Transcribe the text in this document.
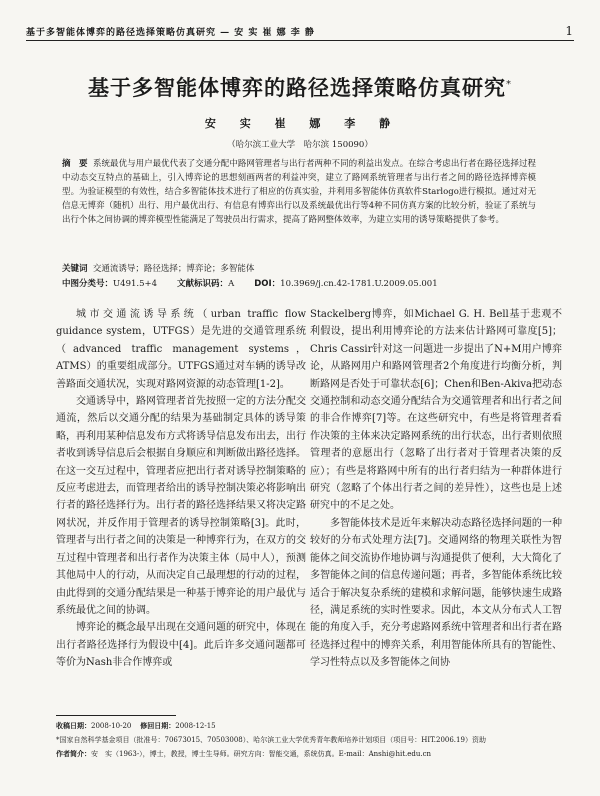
基于多智能体博弈的路径选择策略仿真研究 — 安 实 崔 娜 李 静	1
基于多智能体博弈的路径选择策略仿真研究*
安 实 崔 娜 李 静
（哈尔滨工业大学　哈尔滨 150090）
摘　要 系统最优与用户最优代表了交通分配中路网管理者与出行者两种不同的利益出发点。在综合考虑出行者在路径选择过程中动态交互特点的基础上，引入博弈论的思想刻画两者的利益冲突，建立了路网系统管理者与出行者之间的路径选择博弈模型。为验证模型的有效性，结合多智能体技术进行了相应的仿真实验，并利用多智能体仿真软件Starlogo进行模拟。通过对无信息无博弈（随机）出行、用户最优出行、有信息有博弈出行以及系统最优出行等4种不同仿真方案的比较分析，验证了系统与出行个体之间协调的博弈模型性能满足了驾驶员出行需求，提高了路网整体效率，为建立实用的诱导策略提供了参考。
关键词 交通流诱导；路径选择；博弈论；多智能体
中图分类号：U491.5+4 文献标识码：A DOI：10.3969/j.cn.42-1781.U.2009.05.001

城市交通流诱导系统（urban traffic flow guidance system，UTFGS）是先进的交通管理系统（advanced traffic management systems，ATMS）的重要组成部分。UTFGS通过对车辆的诱导改善路面交通状况，实现对路网资源的动态管理[1-2]。

交通诱导中，路网管理者首先按照一定的方法分配交通流，然后以交通分配的结果为基础制定具体的诱导策略，再利用某种信息发布方式将诱导信息发布出去，出行者收到诱导信息后会根据自身顺应和判断做出路径选择。在这一交互过程中，管理者应把出行者对诱导控制策略的反应考虑进去，而管理者给出的诱导控制决策必将影响出行者的路径选择行为。出行者的路径选择结果又将决定路网状况，并反作用于管理者的诱导控制策略[3]。此时，管理者与出行者之间的决策是一种博弈行为，在双方的交互过程中管理者和出行者作为决策主体（局中人），预测其他局中人的行动，从而决定自己最理想的行动的过程，由此得到的交通分配结果是一种基于博弈论的用户最优与系统最优之间的协调。

博弈论的概念最早出现在交通问题的研究中，体现在出行者路径选择行为假设中[4]。此后许多交通问题都可等价为Nash非合作博弈或

Stackelberg博弈，如Michael G. H. Bell基于悲观不利假设，提出利用博弈论的方法来估计路网可靠度[5]；Chris Cassir针对这一问题进一步提出了N+M用户博弈论，从路网用户和路网管理者2个角度进行均衡分析，判断路网是否处于可靠状态[6]；Chen和Ben-Akiva把动态交通控制和动态交通分配结合为交通管理者和出行者之间的非合作博弈[7]等。在这些研究中，有些是将管理者看作决策的主体来决定路网系统的出行状态，出行者则依照管理者的意愿出行（忽略了出行者对于管理者决策的反应）；有些是将路网中所有的出行者归结为一种群体进行研究（忽略了个体出行者之间的差异性），这些也是上述研究中的不足之处。

多智能体技术是近年来解决动态路径选择问题的一种较好的分布式处理方法[7]。交通网络的物理关联性为智能体之间交流协作地协调与沟通提供了便利，大大简化了多智能体之间的信息传递问题；再者，多智能体系统比较适合于解决复杂系统的建模和求解问题，能够快速生成路径，满足系统的实时性要求。因此，本文从分布式人工智能的角度入手，充分考虑路网系统中管理者和出行者在路径选择过程中的博弈关系，利用智能体所具有的智能性、学习性特点以及多智能体之间协

收稿日期：2008-10-20 修回日期：2008-12-15
*国家自然科学基金项目（批准号：70673015、70503008）、哈尔滨工业大学优秀青年教师培养计划项目（项目号：HIT.2006.19）资助
作者简介：安　实（1963-），博士，教授，博士生导师。研究方向：智能交通，系统仿真。E-mail：Anshi@hit.edu.cn
